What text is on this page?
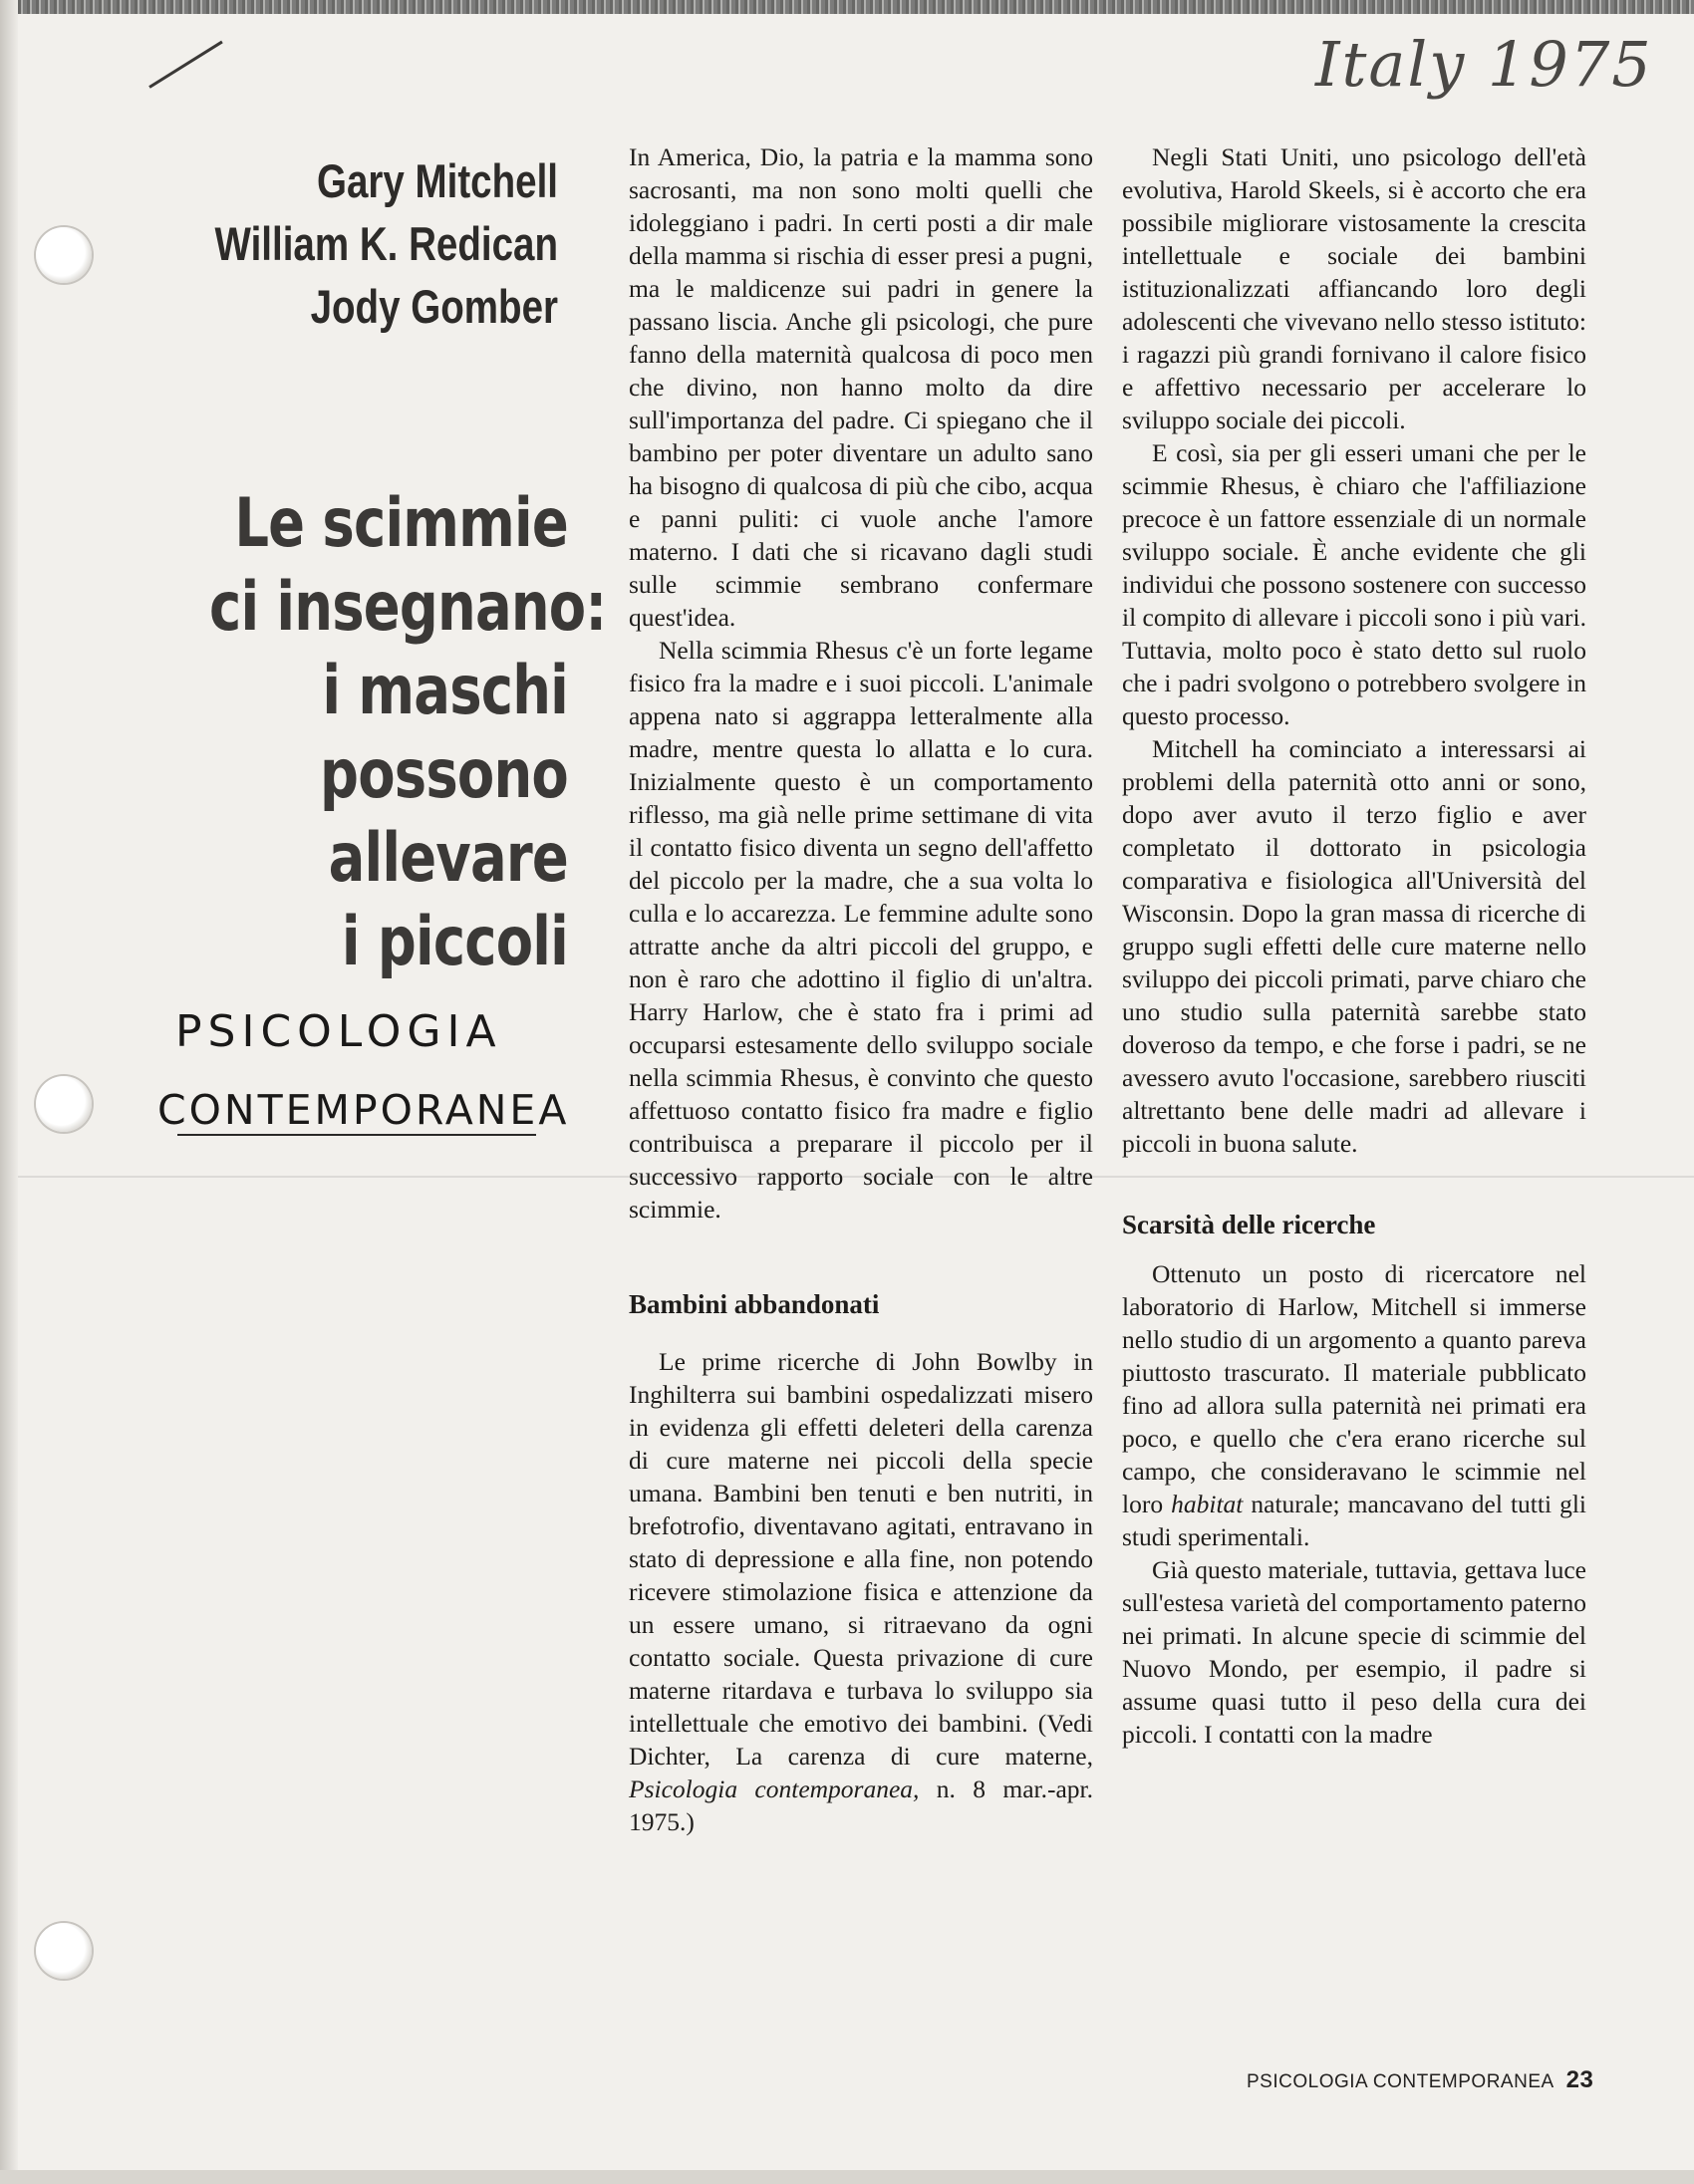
Italy 1975
Gary Mitchell
William K. Redican
Jody Gomber
Le scimmie
ci insegnano:
i maschi
possono
allevare
i piccoli
PSICOLOGIA
CONTEMPORANEA

In America, Dio, la patria e la mamma sono sacrosanti, ma non sono molti quelli che idoleggiano i padri. In certi posti a dir male della mamma si rischia di esser presi a pugni, ma le maldicenze sui padri in genere la passano liscia. Anche gli psicologi, che pure fanno della maternità qualcosa di poco men che divino, non hanno molto da dire sull'importanza del padre. Ci spiegano che il bambino per poter diventare un adulto sano ha bisogno di qualcosa di più che cibo, acqua e panni puliti: ci vuole anche l'amore materno. I dati che si ricavano dagli studi sulle scimmie sembrano confermare quest'idea.

Nella scimmia Rhesus c'è un forte legame fisico fra la madre e i suoi piccoli. L'animale appena nato si aggrappa letteralmente alla madre, mentre questa lo allatta e lo cura. Inizialmente questo è un comportamento riflesso, ma già nelle prime settimane di vita il contatto fisico diventa un segno dell'affetto del piccolo per la madre, che a sua volta lo culla e lo accarezza. Le femmine adulte sono attratte anche da altri piccoli del gruppo, e non è raro che adottino il figlio di un'altra. Harry Harlow, che è stato fra i primi ad occuparsi estesamente dello sviluppo sociale nella scimmia Rhesus, è convinto che questo affettuoso contatto fisico fra madre e figlio contribuisca a preparare il piccolo per il successivo rapporto sociale con le altre scimmie.

Bambini abbandonati

Le prime ricerche di John Bowlby in Inghilterra sui bambini ospedalizzati misero in evidenza gli effetti deleteri della carenza di cure materne nei piccoli della specie umana. Bambini ben tenuti e ben nutriti, in brefotrofio, diventavano agitati, entravano in stato di depressione e alla fine, non potendo ricevere stimolazione fisica e attenzione da un essere umano, si ritraevano da ogni contatto sociale. Questa privazione di cure materne ritardava e turbava lo sviluppo sia intellettuale che emotivo dei bambini. (Vedi Dichter, La carenza di cure materne, Psicologia contemporanea, n. 8 mar.-apr. 1975.)

Negli Stati Uniti, uno psicologo dell'età evolutiva, Harold Skeels, si è accorto che era possibile migliorare vistosamente la crescita intellettuale e sociale dei bambini istituzionalizzati affiancando loro degli adolescenti che vivevano nello stesso istituto: i ragazzi più grandi fornivano il calore fisico e affettivo necessario per accelerare lo sviluppo sociale dei piccoli.

E così, sia per gli esseri umani che per le scimmie Rhesus, è chiaro che l'affiliazione precoce è un fattore essenziale di un normale sviluppo sociale. È anche evidente che gli individui che possono sostenere con successo il compito di allevare i piccoli sono i più vari. Tuttavia, molto poco è stato detto sul ruolo che i padri svolgono o potrebbero svolgere in questo processo.

Mitchell ha cominciato a interessarsi ai problemi della paternità otto anni or sono, dopo aver avuto il terzo figlio e aver completato il dottorato in psicologia comparativa e fisiologica all'Università del Wisconsin. Dopo la gran massa di ricerche di gruppo sugli effetti delle cure materne nello sviluppo dei piccoli primati, parve chiaro che uno studio sulla paternità sarebbe stato doveroso da tempo, e che forse i padri, se ne avessero avuto l'occasione, sarebbero riusciti altrettanto bene delle madri ad allevare i piccoli in buona salute.

Scarsità delle ricerche

Ottenuto un posto di ricercatore nel laboratorio di Harlow, Mitchell si immerse nello studio di un argomento a quanto pareva piuttosto trascurato. Il materiale pubblicato fino ad allora sulla paternità nei primati era poco, e quello che c'era erano ricerche sul campo, che consideravano le scimmie nel loro habitat naturale; mancavano del tutti gli studi sperimentali.

Già questo materiale, tuttavia, gettava luce sull'estesa varietà del comportamento paterno nei primati. In alcune specie di scimmie del Nuovo Mondo, per esempio, il padre si assume quasi tutto il peso della cura dei piccoli. I contatti con la madre

PSICOLOGIA CONTEMPORANEA 23
